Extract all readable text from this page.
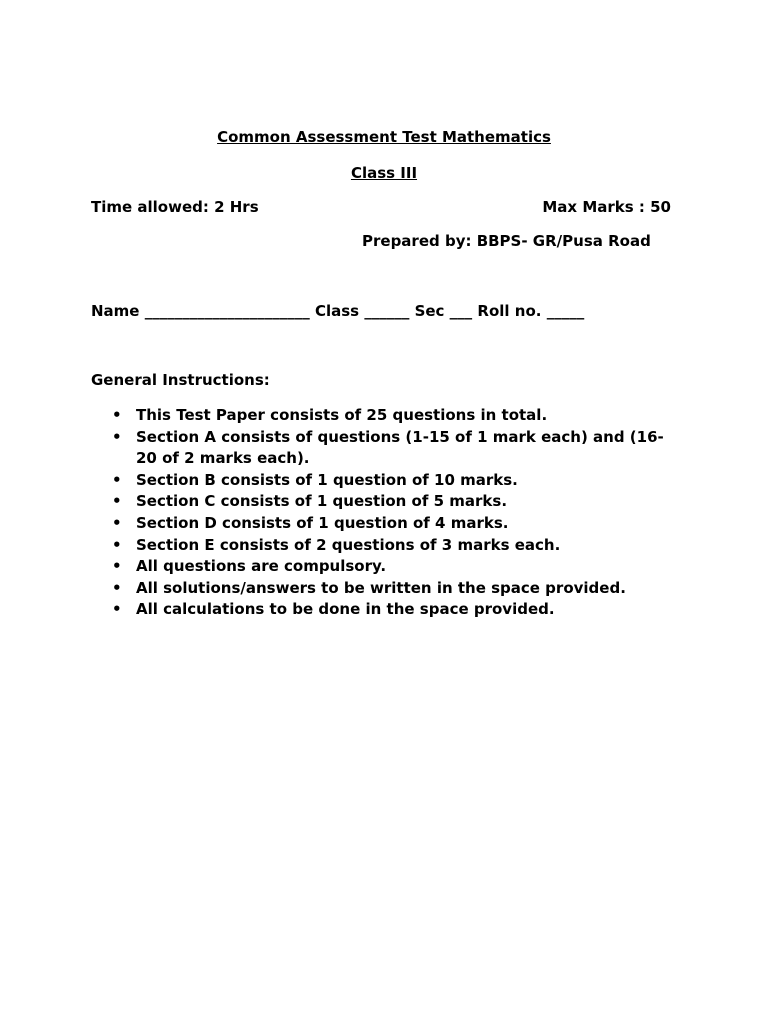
Common Assessment Test Mathematics
Class III
Time allowed: 2 Hrs	Max Marks : 50
Prepared by: BBPS- GR/Pusa Road
Name ______________________ Class ______ Sec ___ Roll no. _____
General Instructions:
• This Test Paper consists of 25 questions in total.
• Section A consists of questions (1-15 of 1 mark each) and (16-20 of 2 marks each).
• Section B consists of 1 question of 10 marks.
• Section C consists of 1 question of 5 marks.
• Section D consists of 1 question of 4 marks.
• Section E consists of 2 questions of 3 marks each.
• All questions are compulsory.
• All solutions/answers to be written in the space provided.
• All calculations to be done in the space provided.
